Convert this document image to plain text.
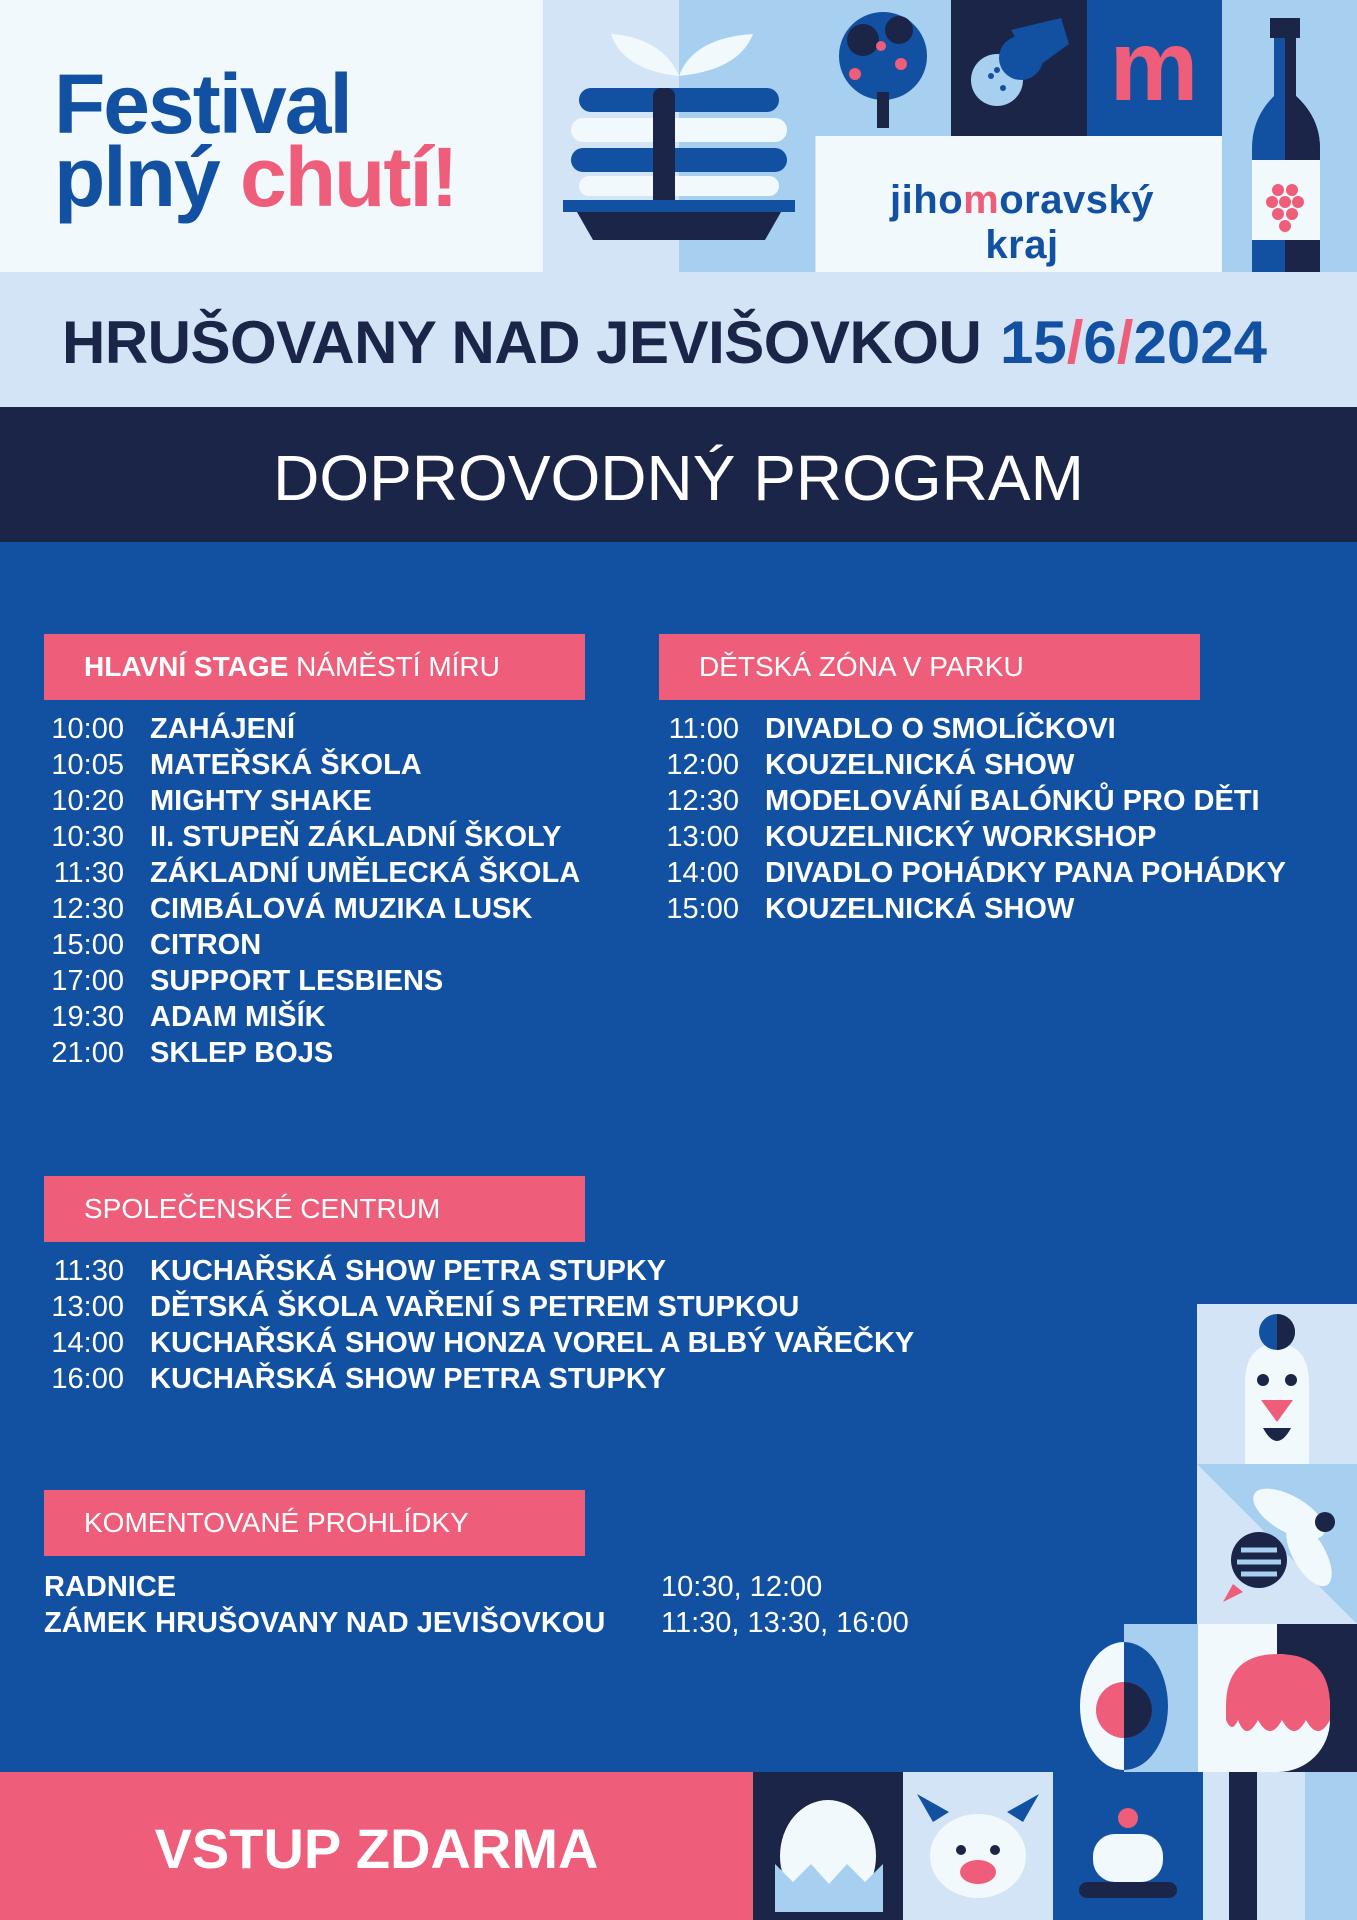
Festival
plný chutí!
m
jihomoravský kraj
HRUŠOVANY NAD JEVIŠOVKOU 15/6/2024
DOPROVODNÝ PROGRAM
HLAVNÍ STAGE NÁMĚSTÍ MÍRU
10:00 ZAHÁJENÍ
10:05 MATEŘSKÁ ŠKOLA
10:20 MIGHTY SHAKE
10:30 II. STUPEŇ ZÁKLADNÍ ŠKOLY
11:30 ZÁKLADNÍ UMĚLECKÁ ŠKOLA
12:30 CIMBÁLOVÁ MUZIKA LUSK
15:00 CITRON
17:00 SUPPORT LESBIENS
19:30 ADAM MIŠÍK
21:00 SKLEP BOJS
DĚTSKÁ ZÓNA V PARKU
11:00 DIVADLO O SMOLÍČKOVI
12:00 KOUZELNICKÁ SHOW
12:30 MODELOVÁNÍ BALÓNKŮ PRO DĚTI
13:00 KOUZELNICKÝ WORKSHOP
14:00 DIVADLO POHÁDKY PANA POHÁDKY
15:00 KOUZELNICKÁ SHOW
SPOLEČENSKÉ CENTRUM
11:30 KUCHAŘSKÁ SHOW PETRA STUPKY
13:00 DĚTSKÁ ŠKOLA VAŘENÍ S PETREM STUPKOU
14:00 KUCHAŘSKÁ SHOW HONZA VOREL A BLBÝ VAŘEČKY
16:00 KUCHAŘSKÁ SHOW PETRA STUPKY
KOMENTOVANÉ PROHLÍDKY
RADNICE	10:30, 12:00
ZÁMEK HRUŠOVANY NAD JEVIŠOVKOU 11:30, 13:30, 16:00
VSTUP ZDARMA
